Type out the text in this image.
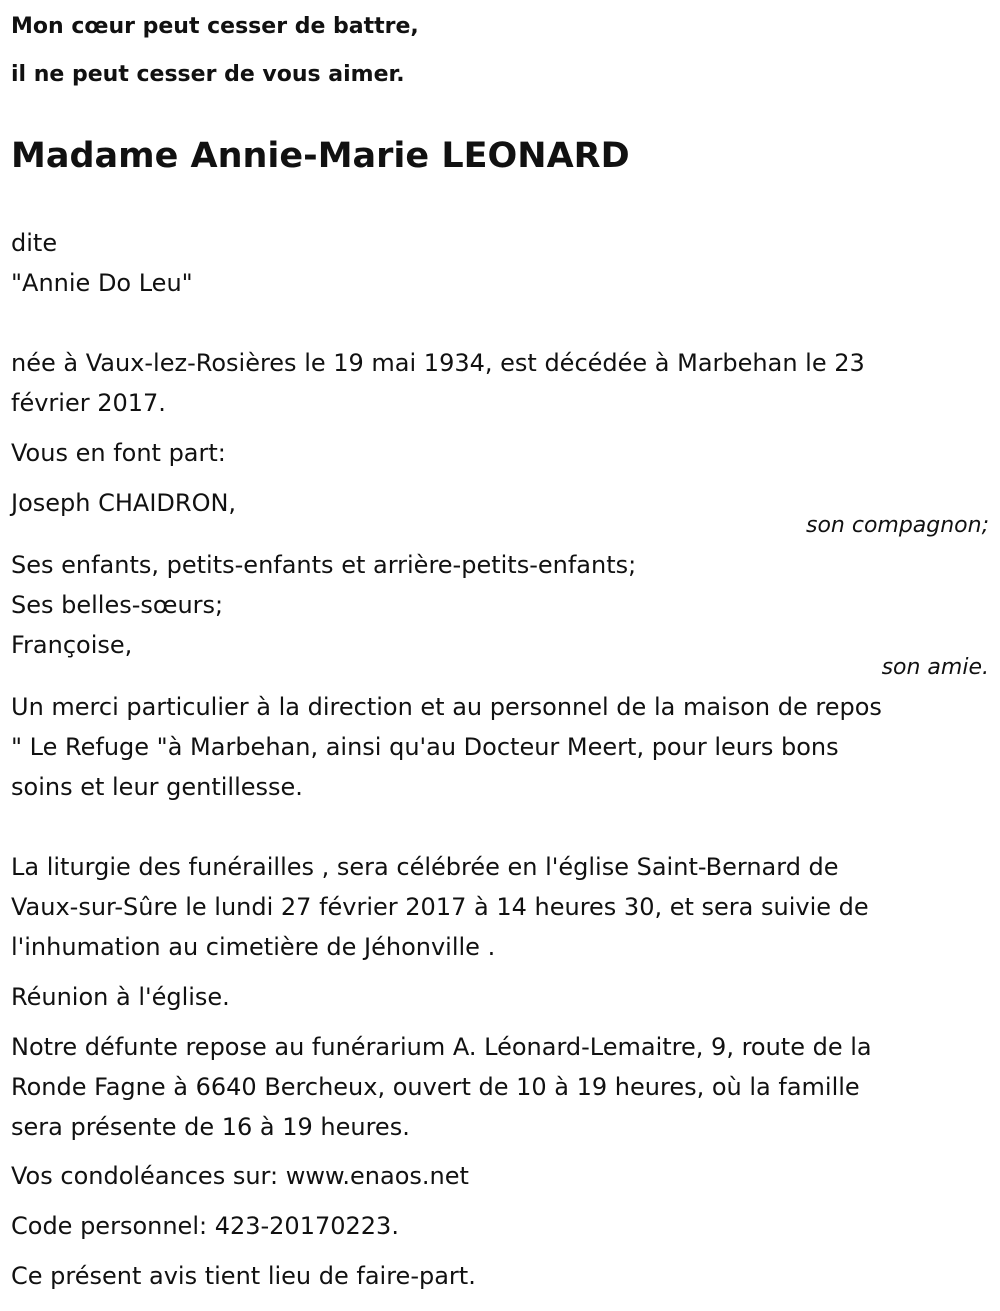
Mon cœur peut cesser de battre,
il ne peut cesser de vous aimer.
Madame Annie-Marie LEONARD
dite
"Annie Do Leu"
née à Vaux-lez-Rosières le 19 mai 1934, est décédée à Marbehan le 23
février 2017.
Vous en font part:
Joseph CHAIDRON,
son compagnon;
Ses enfants, petits-enfants et arrière-petits-enfants;
Ses belles-sœurs;
Françoise,
son amie.
Un merci particulier à la direction et au personnel de la maison de repos
" Le Refuge "à Marbehan, ainsi qu'au Docteur Meert, pour leurs bons
soins et leur gentillesse.
La liturgie des funérailles , sera célébrée en l'église Saint-Bernard de
Vaux-sur-Sûre le lundi 27 février 2017 à 14 heures 30, et sera suivie de
l'inhumation au cimetière de Jéhonville .
Réunion à l'église.
Notre défunte repose au funérarium A. Léonard-Lemaitre, 9, route de la
Ronde Fagne à 6640 Bercheux, ouvert de 10 à 19 heures, où la famille
sera présente de 16 à 19 heures.
Vos condoléances sur: www.enaos.net
Code personnel: 423-20170223.
Ce présent avis tient lieu de faire-part.
